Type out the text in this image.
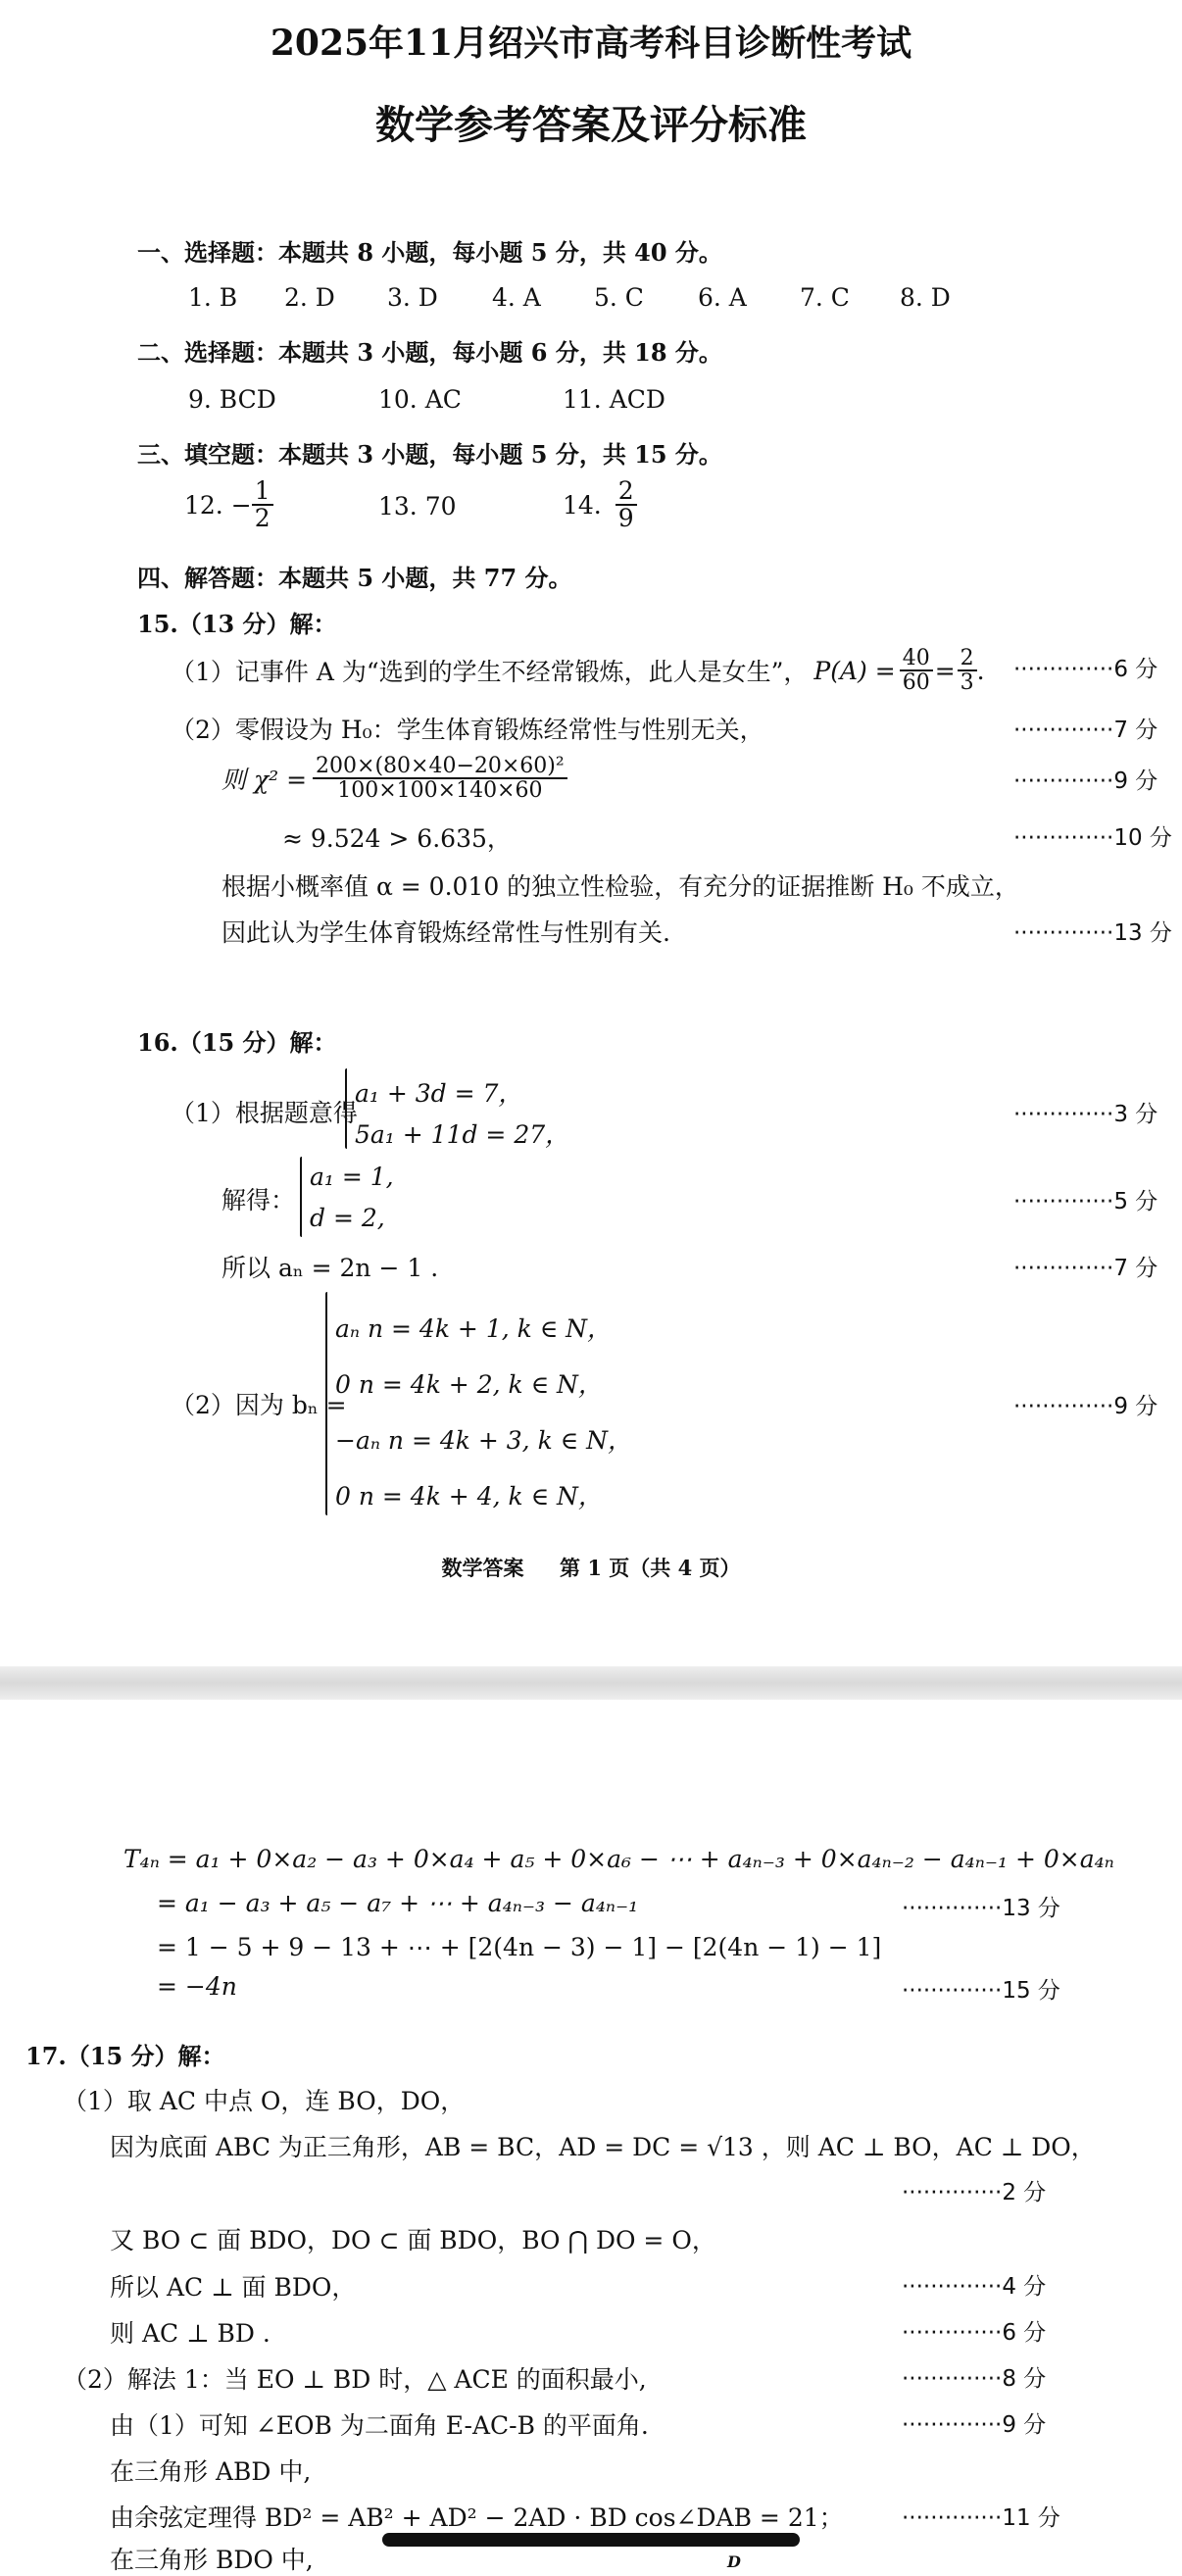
2025年11月绍兴市高考科目诊断性考试
数学参考答案及评分标准
一、选择题：本题共 8 小题，每小题 5 分，共 40 分。
1. B 2. D 3. D 4. A 5. C 6. A 7. C 8. D
二、选择题：本题共 3 小题，每小题 6 分，共 18 分。
9. BCD	10. AC	11. ACD
三、填空题：本题共 3 小题，每小题 5 分，共 15 分。
12. − $\frac{1}{2}$	13. 70	14. $\frac{2}{9}$
四、解答题：本题共 5 小题，共 77 分。
15.（13 分）解：
（1）记事件 A 为“选到的学生不经常锻炼，此人是女生”， $P(A) = \frac{40}{60} = \frac{2}{3}$ . ··············6 分
（2）零假设为 H₀：学生体育锻炼经常性与性别无关，	··············7 分
则 $\chi^2 = \frac{\text{200×(80×40−20×60)²}}{100\times 100\times 140\times 60}$	··············9 分
≈ 9.524 > 6.635，	··············10 分
根据小概率值 α = 0.010 的独立性检验，有充分的证据推断 H₀ 不成立，
因此认为学生体育锻炼经常性与性别有关.	··············13 分
16.（15 分）解：
（1）根据题意得
a₁ + 3d = 7，
5a₁ + 11d = 27，
··············3 分
解得：
a₁ = 1,
d = 2,
··············5 分
所以 aₙ = 2n − 1 .	··············7 分
（2）因为 bₙ =
aₙ n = 4k + 1, k ∈ N，
0 n = 4k + 2, k ∈ N，
−aₙ n = 4k + 3, k ∈ N，
0 n = 4k + 4, k ∈ N，
··············9 分
数学答案     第 1 页（共 4 页）
T₄ₙ = a₁ + 0×a₂ − a₃ + 0×a₄ + a₅ + 0×a₆ − ⋯ + a₄ₙ₋₃ + 0×a₄ₙ₋₂ − a₄ₙ₋₁ + 0×a₄ₙ
= a₁ − a₃ + a₅ − a₇ + ⋯ + a₄ₙ₋₃ − a₄ₙ₋₁	··············13 分
= 1 − 5 + 9 − 13 + ⋯ + [2(4n − 3) − 1] − [2(4n − 1) − 1]
= −4n	··············15 分
17.（15 分）解：
（1）取 AC 中点 O，连 BO，DO，
因为底面 ABC 为正三角形，AB = BC，AD = DC = √13 ，则 AC ⊥ BO，AC ⊥ DO，
··············2 分
又 BO ⊂ 面 BDO，DO ⊂ 面 BDO，BO ⋂ DO = O，
所以 AC ⊥ 面 BDO，	··············4 分
则 AC ⊥ BD .	··············6 分
（2）解法 1：当 EO ⊥ BD 时，△ ACE 的面积最小,	··············8 分
由（1）可知 ∠EOB 为二面角 E-AC-B 的平面角.	··············9 分
在三角形 ABD 中,
由余弦定理得 BD² = AB² + AD² − 2AD · BD cos∠DAB = 21；	··············11 分
在三角形 BDO 中,	D
